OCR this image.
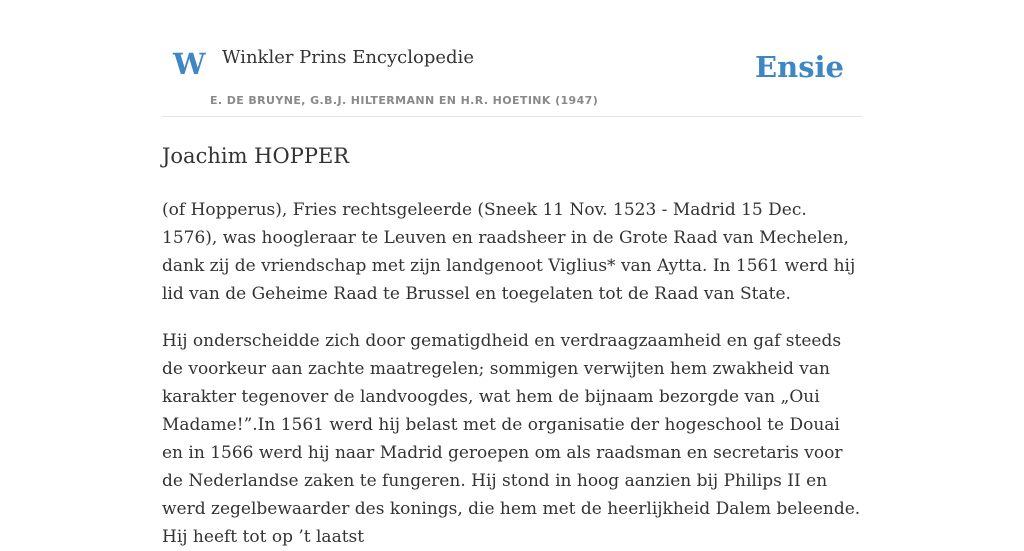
W Winkler Prins Encyclopedie
E. DE BRUYNE, G.B.J. HILTERMANN EN H.R. HOETINK (1947)
Ensie
Joachim HOPPER

(of Hopperus), Fries rechtsgeleerde (Sneek 11 Nov. 1523 - Madrid 15 Dec. 1576), was hoogleraar te Leuven en raadsheer in de Grote Raad van Mechelen, dank zij de vriendschap met zijn landgenoot Viglius* van Aytta. In 1561 werd hij lid van de Geheime Raad te Brussel en toegelaten tot de Raad van State.

Hij onderscheidde zich door gematigdheid en verdraagzaamheid en gaf steeds de voorkeur aan zachte maatregelen; sommigen verwijten hem zwakheid van karakter tegenover de landvoogdes, wat hem de bijnaam bezorgde van „Oui Madame!”.In 1561 werd hij belast met de organisatie der hogeschool te Douai en in 1566 werd hij naar Madrid geroepen om als raadsman en secretaris voor de Nederlandse zaken te fungeren. Hij stond in hoog aanzien bij Philips II en werd zegelbewaarder des konings, die hem met de heerlijkheid Dalem beleende. Hij heeft tot op ’t laatst
